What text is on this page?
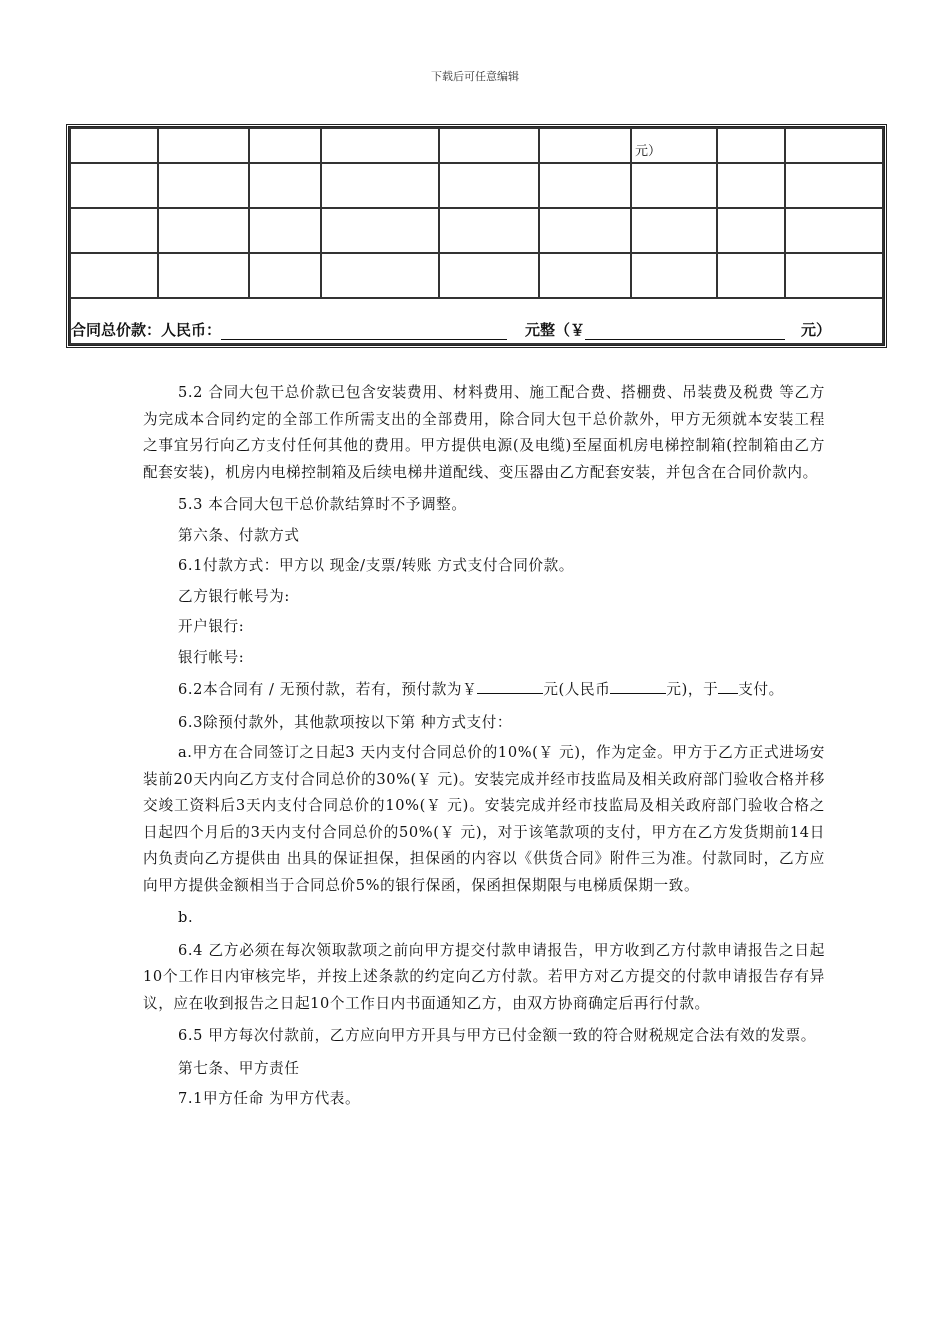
下载后可任意编辑
						元）		

合同总价款：人民币： 元整（￥ 元）								

5.2 合同大包干总价款已包含安装费用、材料费用、施工配合费、搭棚费、吊装费及税费 等乙方为完成本合同约定的全部工作所需支出的全部费用，除合同大包干总价款外，甲方无须就本安装工程之事宜另行向乙方支付任何其他的费用。甲方提供电源(及电缆)至屋面机房电梯控制箱(控制箱由乙方配套安装)，机房内电梯控制箱及后续电梯井道配线、变压器由乙方配套安装，并包含在合同价款内。

5.3 本合同大包干总价款结算时不予调整。

第六条、付款方式

6.1付款方式：甲方以 现金/支票/转账 方式支付合同价款。

乙方银行帐号为:

开户银行:

银行帐号:

6.2本合同有 / 无预付款，若有，预付款为￥	元(人民币	元)，于 支付。

6.3除预付款外，其他款项按以下第 种方式支付：

a.甲方在合同签订之日起3 天内支付合同总价的10%(￥ 元)，作为定金。甲方于乙方正式进场安装前20天内向乙方支付合同总价的30%(￥ 元)。安装完成并经市技监局及相关政府部门验收合格并移交竣工资料后3天内支付合同总价的10%(￥ 元)。安装完成并经市技监局及相关政府部门验收合格之日起四个月后的3天内支付合同总价的50%(￥ 元)，对于该笔款项的支付，甲方在乙方发货期前14日内负责向乙方提供由 出具的保证担保，担保函的内容以《供货合同》附件三为准。付款同时，乙方应向甲方提供金额相当于合同总价5%的银行保函，保函担保期限与电梯质保期一致。

b.

6.4 乙方必须在每次领取款项之前向甲方提交付款申请报告，甲方收到乙方付款申请报告之日起10个工作日内审核完毕，并按上述条款的约定向乙方付款。若甲方对乙方提交的付款申请报告存有异议，应在收到报告之日起10个工作日内书面通知乙方，由双方协商确定后再行付款。

6.5 甲方每次付款前，乙方应向甲方开具与甲方已付金额一致的符合财税规定合法有效的发票。

第七条、甲方责任

7.1甲方任命 为甲方代表。
